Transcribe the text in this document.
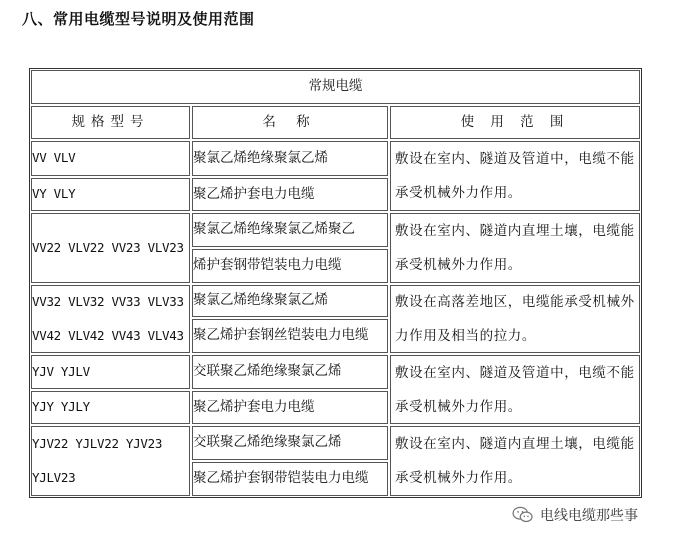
八、常用电缆型号说明及使用范围
常规电缆
规格型号	名 称	使 用 范 围
VV VLV
VY VLY
聚氯乙烯绝缘聚氯乙烯
聚乙烯护套电力电缆
敷设在室内、隧道及管道中，电缆不能
承受机械外力作用。
VV22 VLV22 VV23 VLV23
聚氯乙烯绝缘聚氯乙烯聚乙
烯护套钢带铠装电力电缆
敷设在室内、隧道内直埋土壤，电缆能
承受机械外力作用。
VV32 VLV32 VV33 VLV33
VV42 VLV42 VV43 VLV43
聚氯乙烯绝缘聚氯乙烯
聚乙烯护套钢丝铠装电力电缆
敷设在高落差地区，电缆能承受机械外
力作用及相当的拉力。
YJV YJLV
YJY YJLY
交联聚乙烯绝缘聚氯乙烯
聚乙烯护套电力电缆
敷设在室内、隧道及管道中，电缆不能
承受机械外力作用。
YJV22 YJLV22 YJV23
YJLV23
交联聚乙烯绝缘聚氯乙烯
聚乙烯护套钢带铠装电力电缆
敷设在室内、隧道内直埋土壤，电缆能
承受机械外力作用。
电线电缆那些事
